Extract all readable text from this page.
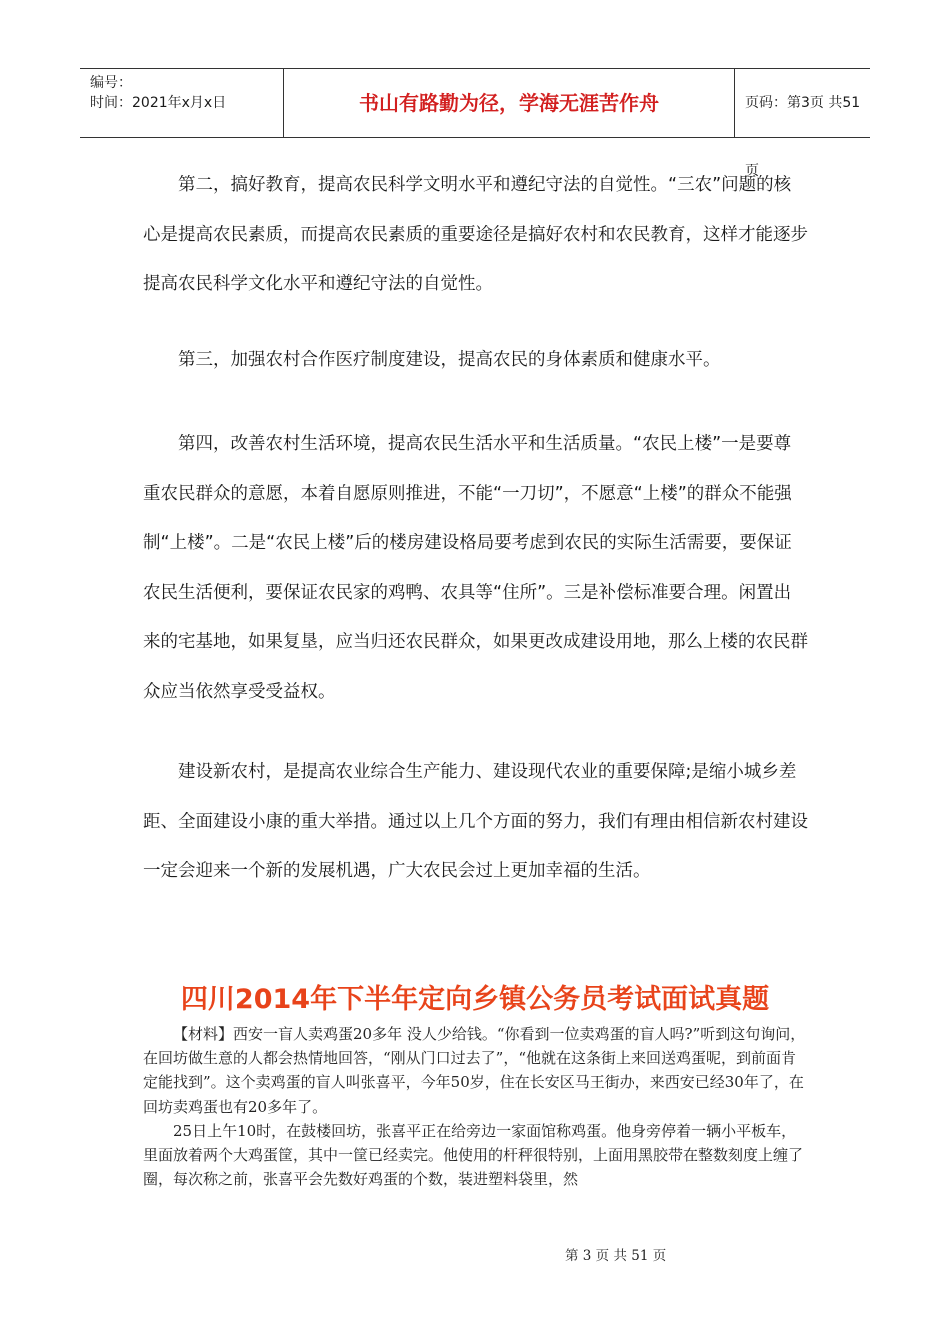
编号：
时间：2021年x月x日	书山有路勤为径，学海无涯苦作舟	页码：第3页 共51页

第二，搞好教育，提高农民科学文明水平和遵纪守法的自觉性。“三农”问题的核心是提高农民素质，而提高农民素质的重要途径是搞好农村和农民教育，这样才能逐步提高农民科学文化水平和遵纪守法的自觉性。

第三，加强农村合作医疗制度建设，提高农民的身体素质和健康水平。

第四，改善农村生活环境，提高农民生活水平和生活质量。“农民上楼”一是要尊重农民群众的意愿，本着自愿原则推进，不能“一刀切”，不愿意“上楼”的群众不能强制“上楼”。二是“农民上楼”后的楼房建设格局要考虑到农民的实际生活需要，要保证农民生活便利，要保证农民家的鸡鸭、农具等“住所”。三是补偿标准要合理。闲置出来的宅基地，如果复垦，应当归还农民群众，如果更改成建设用地，那么上楼的农民群众应当依然享受受益权。

建设新农村，是提高农业综合生产能力、建设现代农业的重要保障;是缩小城乡差距、全面建设小康的重大举措。通过以上几个方面的努力，我们有理由相信新农村建设一定会迎来一个新的发展机遇，广大农民会过上更加幸福的生活。

四川2014年下半年定向乡镇公务员考试面试真题

【材料】西安一盲人卖鸡蛋20多年 没人少给钱。“你看到一位卖鸡蛋的盲人吗?”听到这句询问，在回坊做生意的人都会热情地回答，“刚从门口过去了”，“他就在这条街上来回送鸡蛋呢，到前面肯定能找到”。这个卖鸡蛋的盲人叫张喜平，今年50岁，住在长安区马王街办，来西安已经30年了，在回坊卖鸡蛋也有20多年了。

25日上午10时，在鼓楼回坊，张喜平正在给旁边一家面馆称鸡蛋。他身旁停着一辆小平板车，里面放着两个大鸡蛋筐，其中一筐已经卖完。他使用的杆秤很特别，上面用黑胶带在整数刻度上缠了圈，每次称之前，张喜平会先数好鸡蛋的个数，装进塑料袋里，然

第 3 页 共 51 页
